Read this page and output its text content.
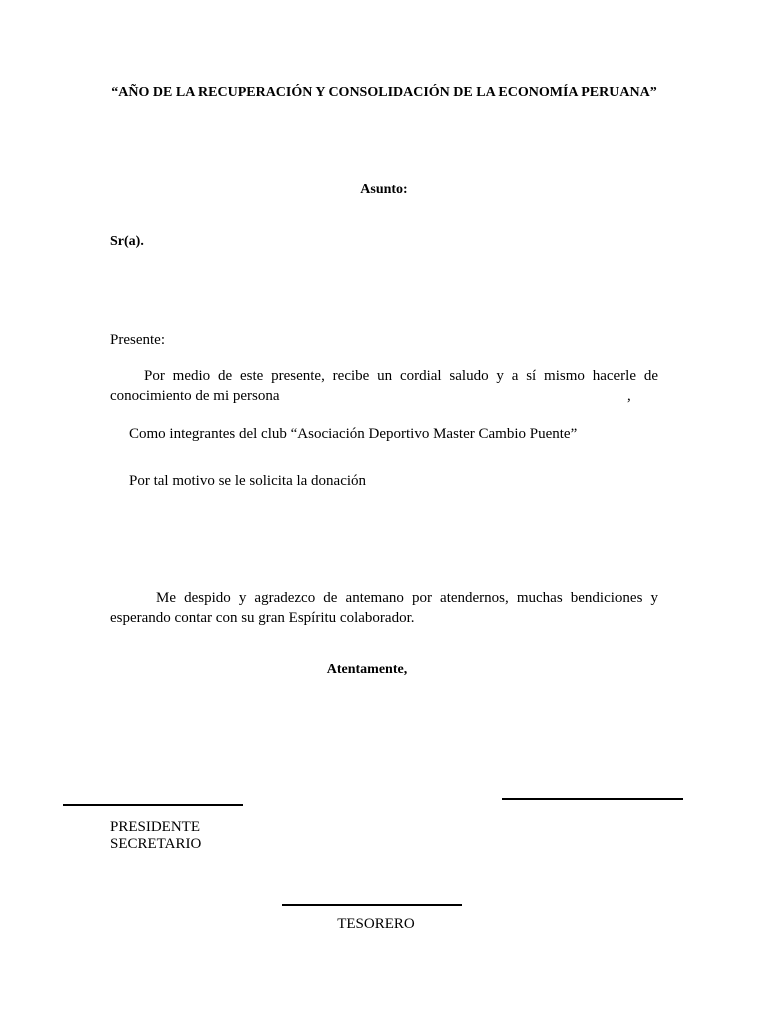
“AÑO DE LA RECUPERACIÓN Y CONSOLIDACIÓN DE LA ECONOMÍA PERUANA”
Asunto:
Sr(a).
Presente:
Por medio de este presente, recibe un cordial saludo y a sí mismo hacerle de conocimiento de mi persona	,
Como integrantes del club “Asociación Deportivo Master Cambio Puente”
Por tal motivo se le solicita la donación
Me despido y agradezco de antemano por atendernos, muchas bendiciones y esperando contar con su gran Espíritu colaborador.
Atentamente,
PRESIDENTE
SECRETARIO
TESORERO
